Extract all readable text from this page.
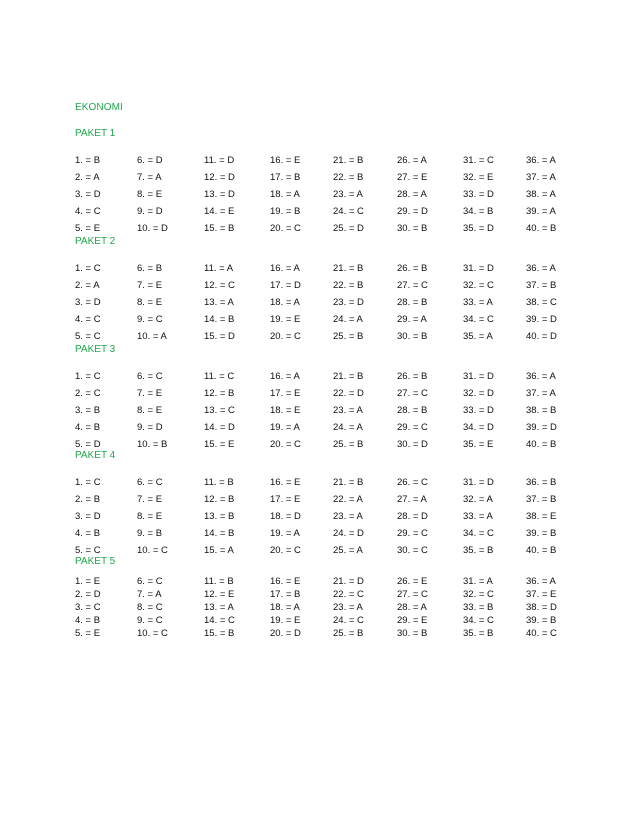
EKONOMI
PAKET 1
1. = B	6. = D	11. = D	16. = E	21. = B	26. = A	31. = C	36. = A
2. = A	7. = A	12. = D	17. = B	22. = B	27. = E	32. = E	37. = A
3. = D	8. = E	13. = D	18. = A	23. = A	28. = A	33. = D	38. = A
4. = C	9. = D	14. = E	19. = B	24. = C	29. = D	34. = B	39. = A
5. = E	10. = D	15. = B	20. = C	25. = D	30. = B	35. = D	40. = B
PAKET 2
1. = C	6. = B	11. = A	16. = A	21. = B	26. = B	31. = D	36. = A
2. = A	7. = E	12. = C	17. = D	22. = B	27. = C	32. = C	37. = B
3. = D	8. = E	13. = A	18. = A	23. = D	28. = B	33. = A	38. = C
4. = C	9. = C	14. = B	19. = E	24. = A	29. = A	34. = C	39. = D
5. = C	10. = A	15. = D	20. = C	25. = B	30. = B	35. = A	40. = D
PAKET 3
1. = C	6. = C	11. = C	16. = A	21. = B	26. = B	31. = D	36. = A
2. = C	7. = E	12. = B	17. = E	22. = D	27. = C	32. = D	37. = A
3. = B	8. = E	13. = C	18. = E	23. = A	28. = B	33. = D	38. = B
4. = B	9. = D	14. = D	19. = A	24. = A	29. = C	34. = D	39. = D
5. = D	10. = B	15. = E	20. = C	25. = B	30. = D	35. = E	40. = B
PAKET 4
1. = C	6. = C	11. = B	16. = E	21. = B	26. = C	31. = D	36. = B
2. = B	7. = E	12. = B	17. = E	22. = A	27. = A	32. = A	37. = B
3. = D	8. = E	13. = B	18. = D	23. = A	28. = D	33. = A	38. = E
4. = B	9. = B	14. = B	19. = A	24. = D	29. = C	34. = C	39. = B
5. = C	10. = C	15. = A	20. = C	25. = A	30. = C	35. = B	40. = B
PAKET 5
1. = E	6. = C	11. = B	16. = E	21. = D	26. = E	31. = A	36. = A
2. = D	7. = A	12. = E	17. = B	22. = C	27. = C	32. = C	37. = E
3. = C	8. = C	13. = A	18. = A	23. = A	28. = A	33. = B	38. = D
4. = B	9. = C	14. = C	19. = E	24. = C	29. = E	34. = C	39. = B
5. = E	10. = C	15. = B	20. = D	25. = B	30. = B	35. = B	40. = C
